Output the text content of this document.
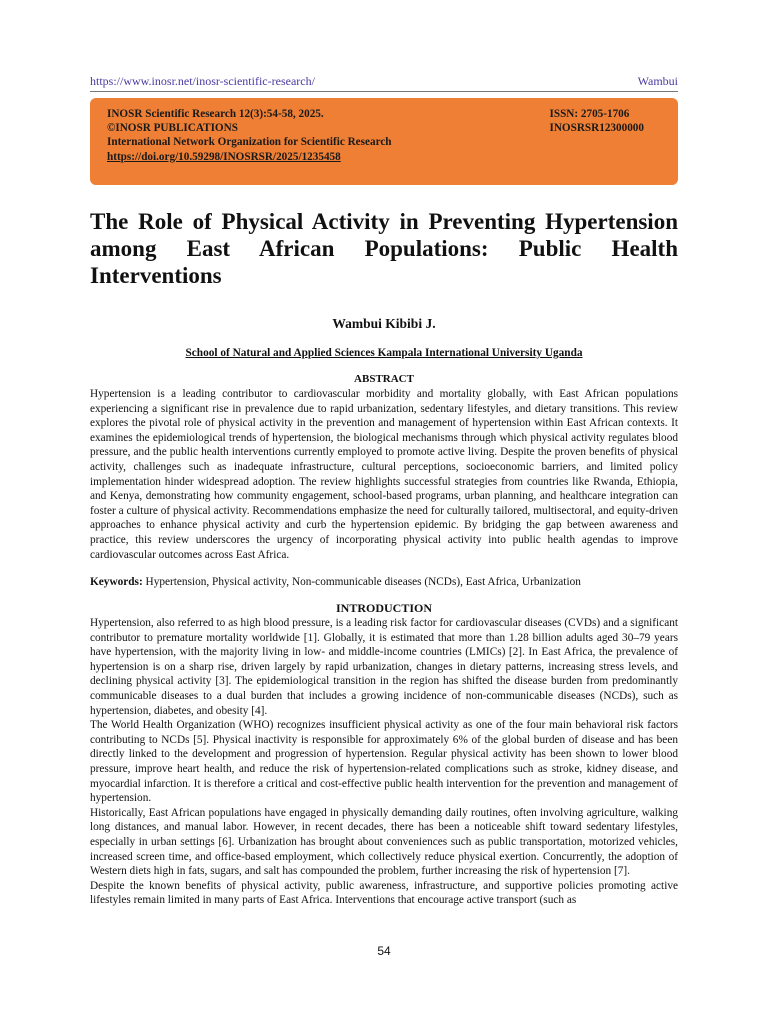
https://www.inosr.net/inosr-scientific-research/	Wambui
INOSR Scientific Research 12(3):54-58, 2025.
©INOSR PUBLICATIONS
International Network Organization for Scientific Research
https://doi.org/10.59298/INOSRSR/2025/1235458
ISSN: 2705-1706
INOSRSR12300000
The Role of Physical Activity in Preventing Hypertension among East African Populations: Public Health Interventions
Wambui Kibibi J.
School of Natural and Applied Sciences Kampala International University Uganda
ABSTRACT
Hypertension is a leading contributor to cardiovascular morbidity and mortality globally, with East African populations experiencing a significant rise in prevalence due to rapid urbanization, sedentary lifestyles, and dietary transitions. This review explores the pivotal role of physical activity in the prevention and management of hypertension within East African contexts. It examines the epidemiological trends of hypertension, the biological mechanisms through which physical activity regulates blood pressure, and the public health interventions currently employed to promote active living. Despite the proven benefits of physical activity, challenges such as inadequate infrastructure, cultural perceptions, socioeconomic barriers, and limited policy implementation hinder widespread adoption. The review highlights successful strategies from countries like Rwanda, Ethiopia, and Kenya, demonstrating how community engagement, school-based programs, urban planning, and healthcare integration can foster a culture of physical activity. Recommendations emphasize the need for culturally tailored, multisectoral, and equity-driven approaches to enhance physical activity and curb the hypertension epidemic. By bridging the gap between awareness and practice, this review underscores the urgency of incorporating physical activity into public health agendas to improve cardiovascular outcomes across East Africa.
Keywords: Hypertension, Physical activity, Non-communicable diseases (NCDs), East Africa, Urbanization
INTRODUCTION

Hypertension, also referred to as high blood pressure, is a leading risk factor for cardiovascular diseases (CVDs) and a significant contributor to premature mortality worldwide [1]. Globally, it is estimated that more than 1.28 billion adults aged 30–79 years have hypertension, with the majority living in low- and middle-income countries (LMICs) [2]. In East Africa, the prevalence of hypertension is on a sharp rise, driven largely by rapid urbanization, changes in dietary patterns, increasing stress levels, and declining physical activity [3]. The epidemiological transition in the region has shifted the disease burden from predominantly communicable diseases to a dual burden that includes a growing incidence of non-communicable diseases (NCDs), such as hypertension, diabetes, and obesity [4].

The World Health Organization (WHO) recognizes insufficient physical activity as one of the four main behavioral risk factors contributing to NCDs [5]. Physical inactivity is responsible for approximately 6% of the global burden of disease and has been directly linked to the development and progression of hypertension. Regular physical activity has been shown to lower blood pressure, improve heart health, and reduce the risk of hypertension-related complications such as stroke, kidney disease, and myocardial infarction. It is therefore a critical and cost-effective public health intervention for the prevention and management of hypertension.

Historically, East African populations have engaged in physically demanding daily routines, often involving agriculture, walking long distances, and manual labor. However, in recent decades, there has been a noticeable shift toward sedentary lifestyles, especially in urban settings [6]. Urbanization has brought about conveniences such as public transportation, motorized vehicles, increased screen time, and office-based employment, which collectively reduce physical exertion. Concurrently, the adoption of Western diets high in fats, sugars, and salt has compounded the problem, further increasing the risk of hypertension [7].

Despite the known benefits of physical activity, public awareness, infrastructure, and supportive policies promoting active lifestyles remain limited in many parts of East Africa. Interventions that encourage active transport (such as

54
